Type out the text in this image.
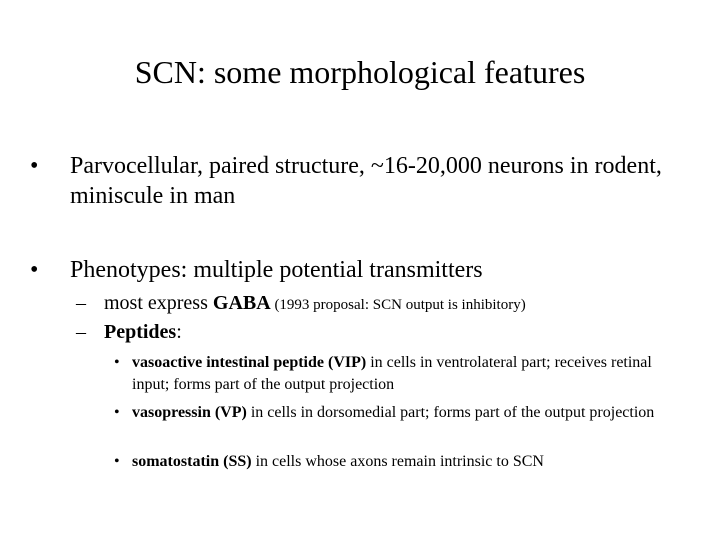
SCN: some morphological features
• Parvocellular, paired structure, ~16-20,000 neurons in rodent, miniscule in man
• Phenotypes: multiple potential transmitters
– most express GABA (1993 proposal: SCN output is inhibitory)
– Peptides:
• vasoactive intestinal peptide (VIP) in cells in ventrolateral part; receives retinal input; forms part of the output projection
• vasopressin (VP) in cells in dorsomedial part; forms part of the output projection
• somatostatin (SS) in cells whose axons remain intrinsic to SCN
